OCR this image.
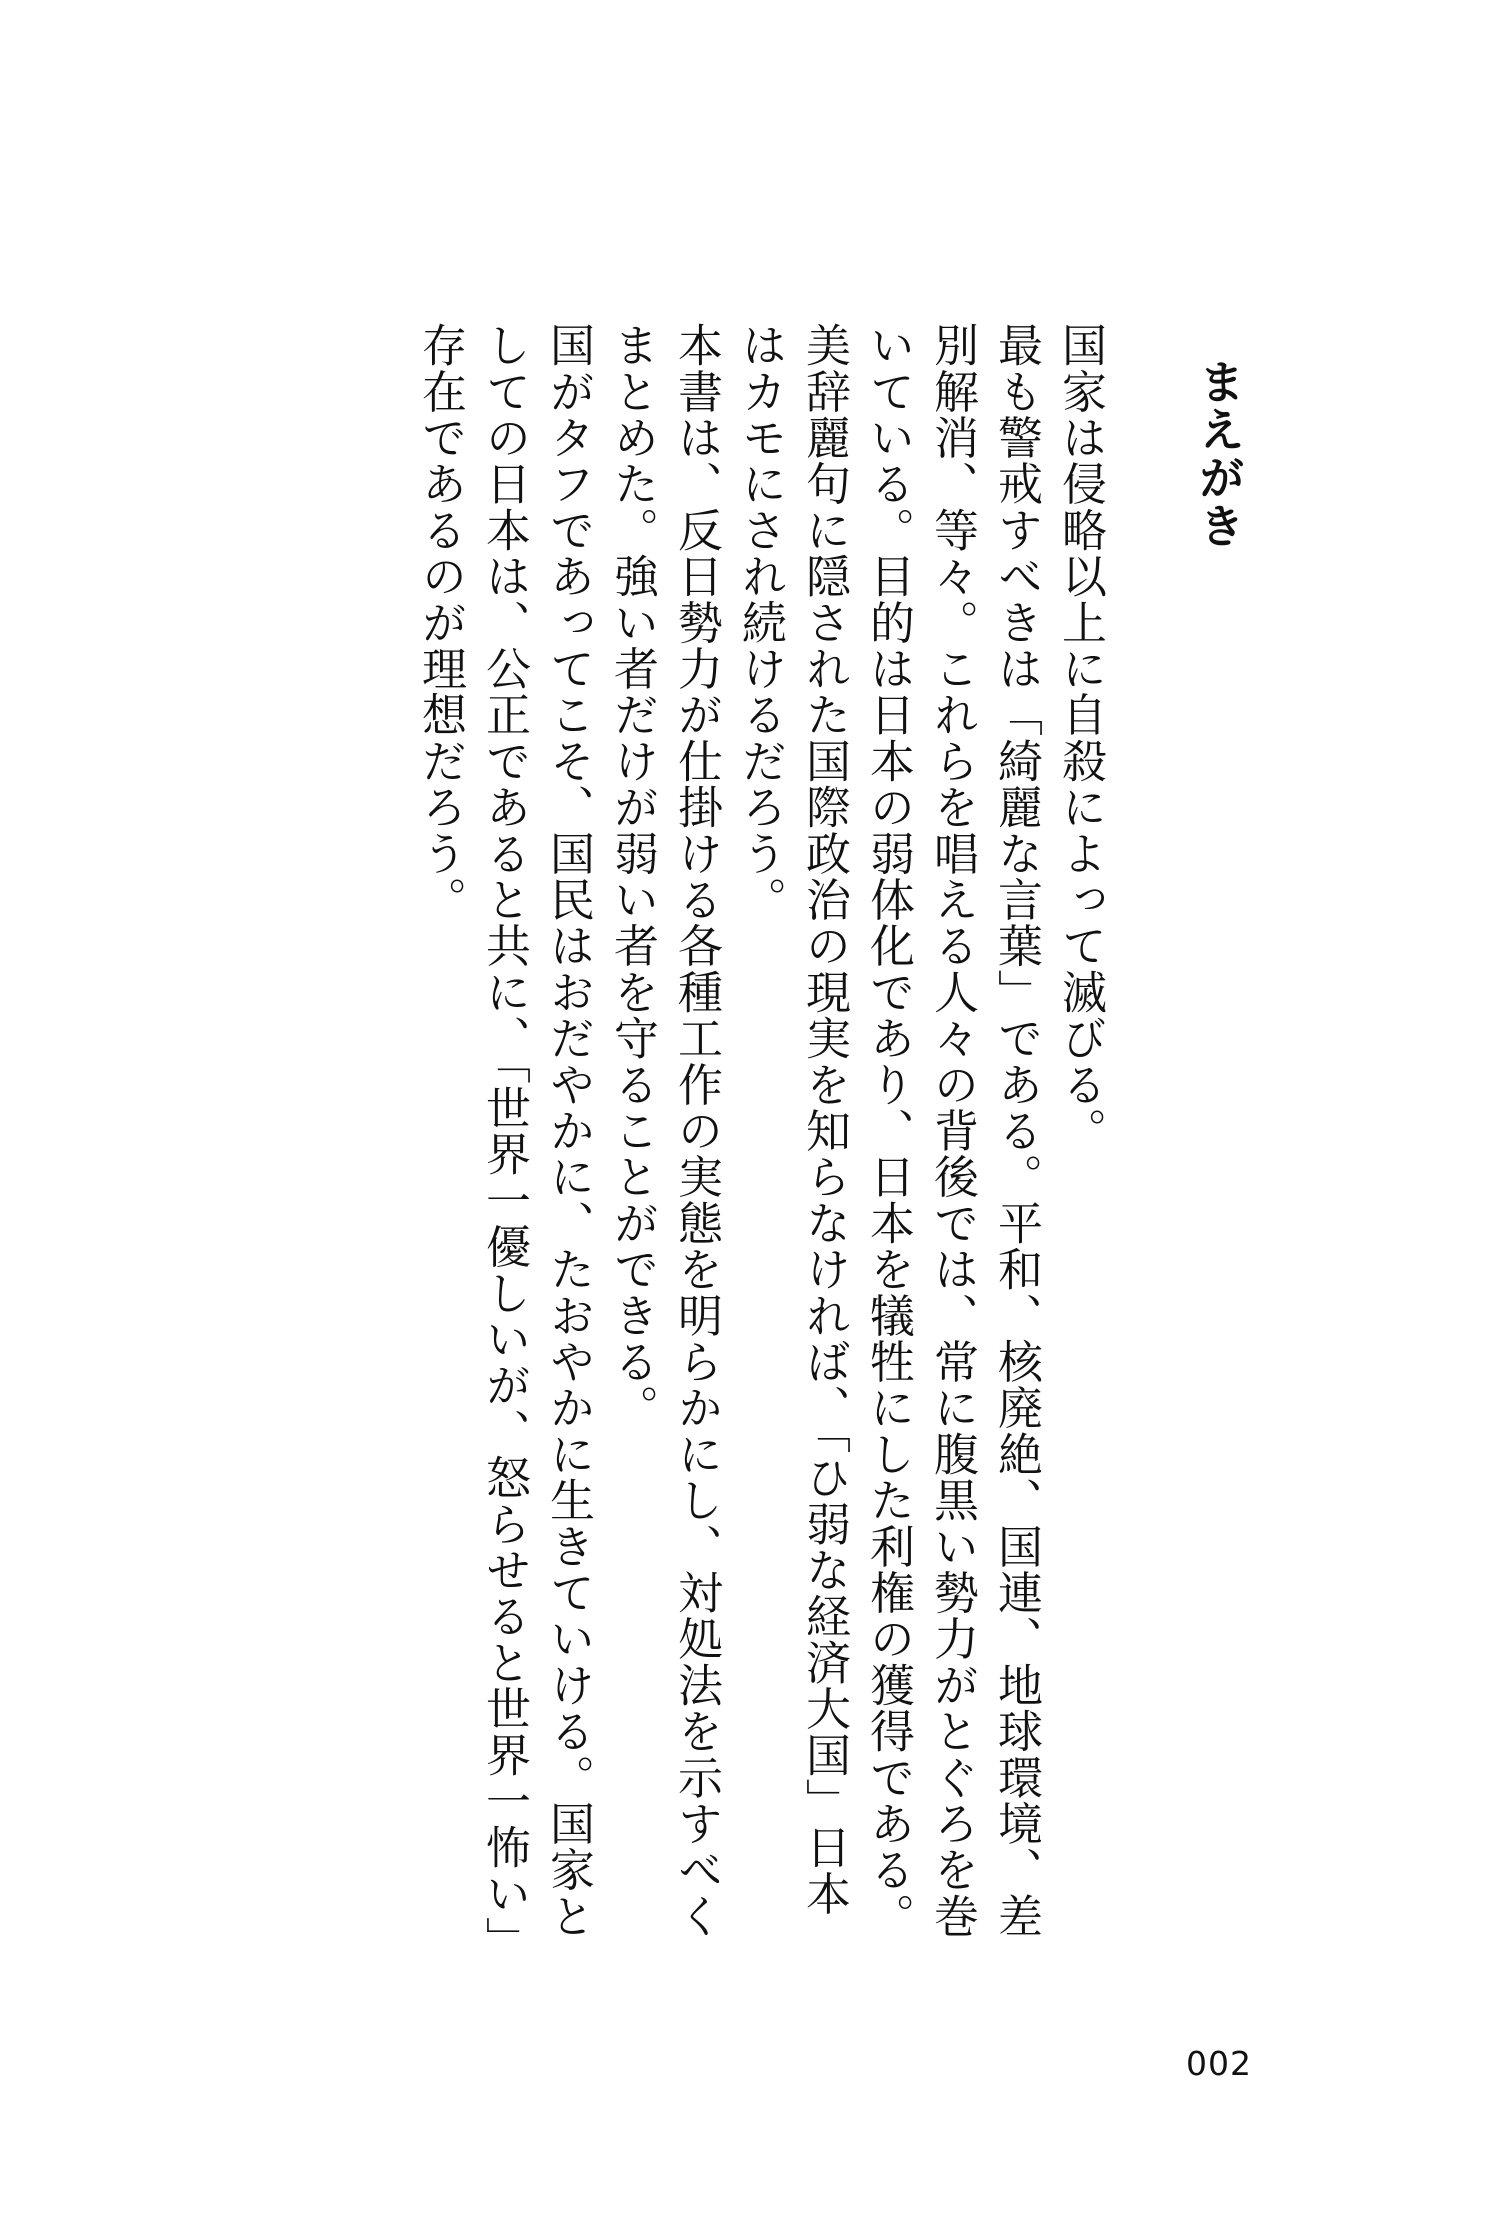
まえがき

国家は侵略以上に自殺によって滅びる。

最も警戒すべきは「綺麗な言葉」である。平和、核廃絶、国連、地球環境、差別解消、等々。これらを唱える人々の背後では、常に腹黒い勢力がとぐろを巻いている。目的は日本の弱体化であり、日本を犠牲にした利権の獲得である。

美辞麗句に隠された国際政治の現実を知らなければ、「ひ弱な経済大国」日本はカモにされ続けるだろう。

本書は、反日勢力が仕掛ける各種工作の実態を明らかにし、対処法を示すべくまとめた。強い者だけが弱い者を守ることができる。

国がタフであってこそ、国民はおだやかに、たおやかに生きていける。国家としての日本は、公正であると共に、「世界一優しいが、怒らせると世界一怖い」存在であるのが理想だろう。

002
